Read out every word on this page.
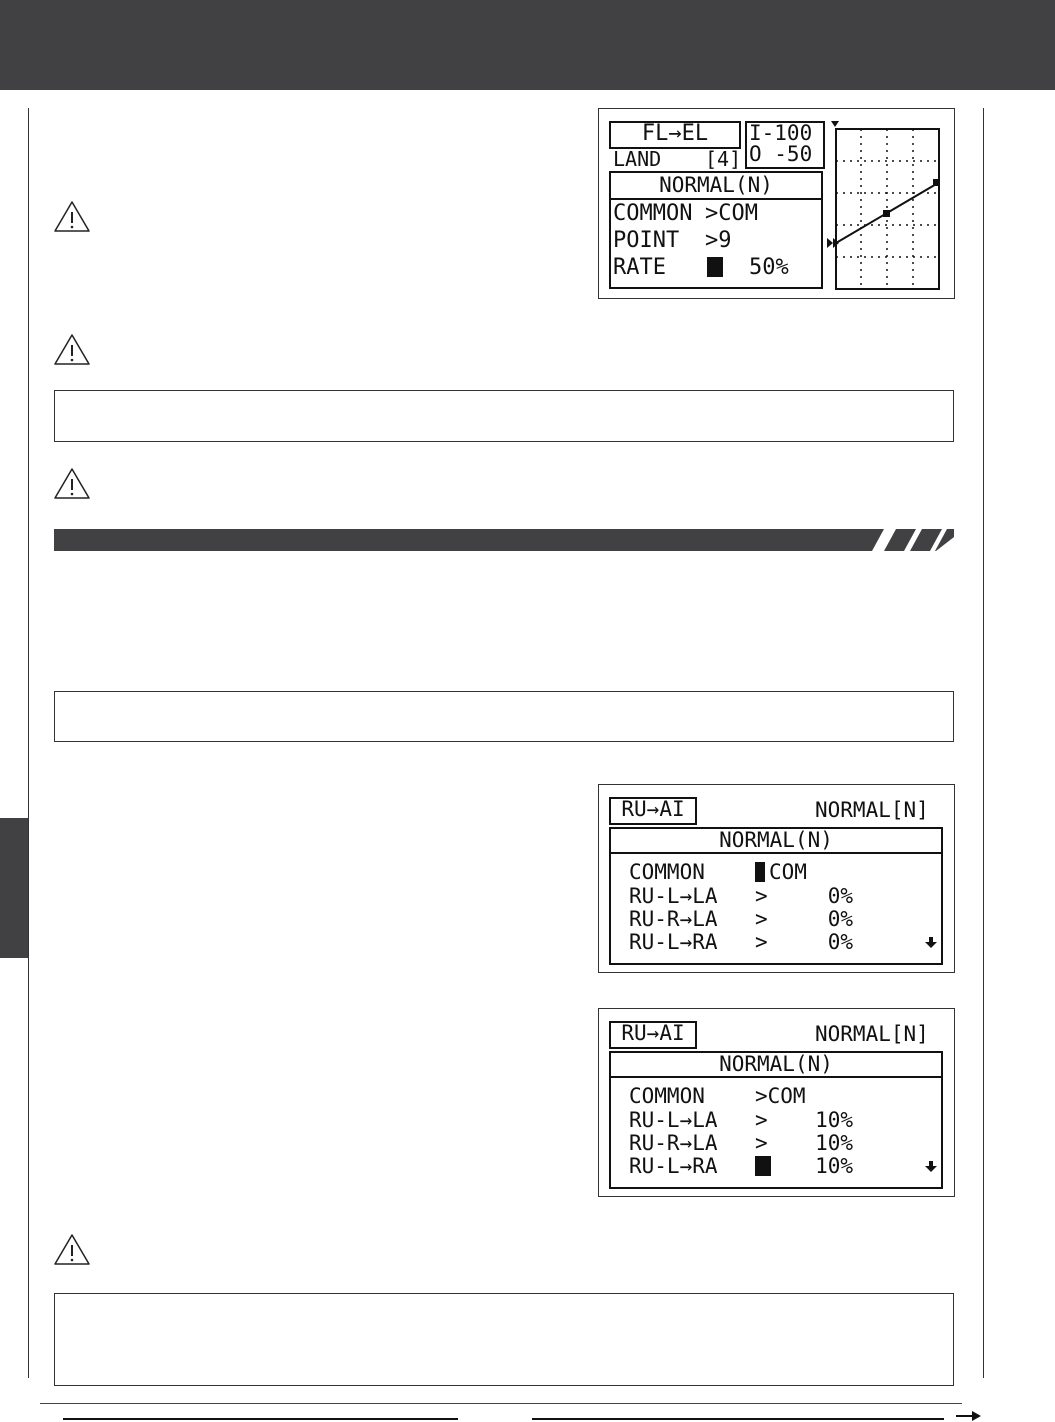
FL→EL	I-100
O -50
LAND [4]
NORMAL(N)
COMMON >COM
POINT >9
RATE	50%
RU→AI	NORMAL[N]
NORMAL(N)
COMMON	COM
RU-L→LA >	0%
RU-R→LA >	0%
RU-L→RA >	0%
RU→AI	NORMAL[N]
NORMAL(N)
COMMON >COM
RU-L→LA >	10%
RU-R→LA >	10%
RU-L→RA	10%
